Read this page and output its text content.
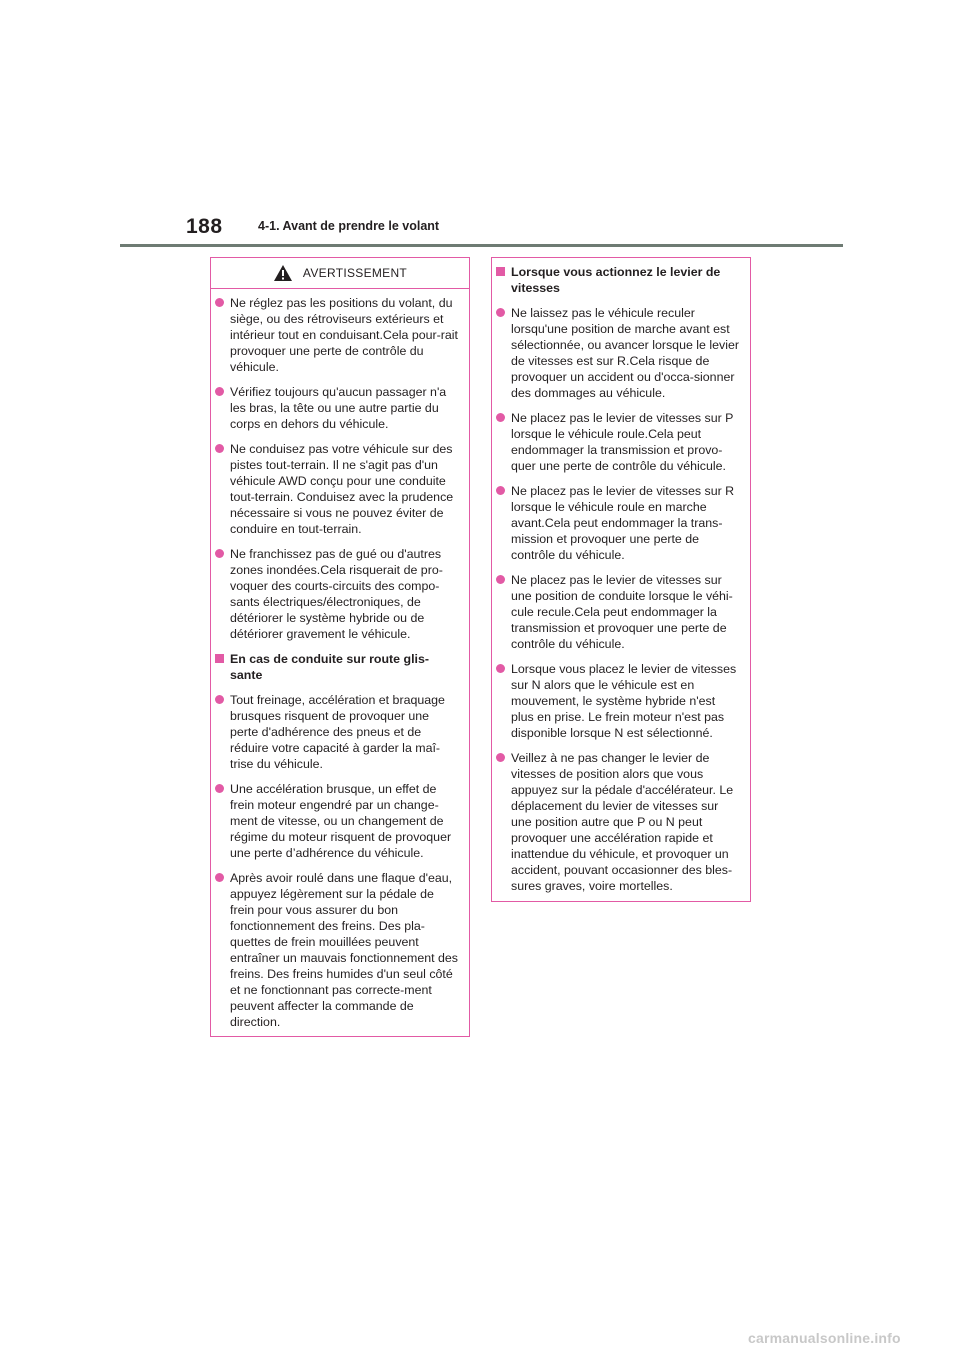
188	4-1. Avant de prendre le volant
AVERTISSEMENT
Ne réglez pas les positions du volant, du siège, ou des rétroviseurs extérieurs et intérieur tout en conduisant.Cela pour-rait provoquer une perte de contrôle du véhicule.
Vérifiez toujours qu'aucun passager n'a les bras, la tête ou une autre partie du corps en dehors du véhicule.
Ne conduisez pas votre véhicule sur des pistes tout-terrain. Il ne s'agit pas d'un véhicule AWD conçu pour une conduite tout-terrain. Conduisez avec la prudence nécessaire si vous ne pouvez éviter de conduire en tout-terrain.
Ne franchissez pas de gué ou d'autres zones inondées.Cela risquerait de pro-voquer des courts-circuits des compo-sants électriques/électroniques, de détériorer le système hybride ou de détériorer gravement le véhicule.
En cas de conduite sur route glis-sante
Tout freinage, accélération et braquage brusques risquent de provoquer une perte d'adhérence des pneus et de réduire votre capacité à garder la maî-trise du véhicule.
Une accélération brusque, un effet de frein moteur engendré par un change-ment de vitesse, ou un changement de régime du moteur risquent de provoquer une perte d’adhérence du véhicule.
Après avoir roulé dans une flaque d'eau, appuyez légèrement sur la pédale de frein pour vous assurer du bon fonctionnement des freins. Des pla-quettes de frein mouillées peuvent entraîner un mauvais fonctionnement des freins. Des freins humides d'un seul côté et ne fonctionnant pas correcte-ment peuvent affecter la commande de direction.
Lorsque vous actionnez le levier de vitesses
Ne laissez pas le véhicule reculer lorsqu'une position de marche avant est sélectionnée, ou avancer lorsque le levier de vitesses est sur R.Cela risque de provoquer un accident ou d'occa-sionner des dommages au véhicule.
Ne placez pas le levier de vitesses sur P lorsque le véhicule roule.Cela peut endommager la transmission et provo-quer une perte de contrôle du véhicule.
Ne placez pas le levier de vitesses sur R lorsque le véhicule roule en marche avant.Cela peut endommager la trans-mission et provoquer une perte de contrôle du véhicule.
Ne placez pas le levier de vitesses sur une position de conduite lorsque le véhi-cule recule.Cela peut endommager la transmission et provoquer une perte de contrôle du véhicule.
Lorsque vous placez le levier de vitesses sur N alors que le véhicule est en mouvement, le système hybride n'est plus en prise. Le frein moteur n'est pas disponible lorsque N est sélectionné.
Veillez à ne pas changer le levier de vitesses de position alors que vous appuyez sur la pédale d'accélérateur. Le déplacement du levier de vitesses sur une position autre que P ou N peut provoquer une accélération rapide et inattendue du véhicule, et provoquer un accident, pouvant occasionner des bles-sures graves, voire mortelles.
carmanualsonline.info
